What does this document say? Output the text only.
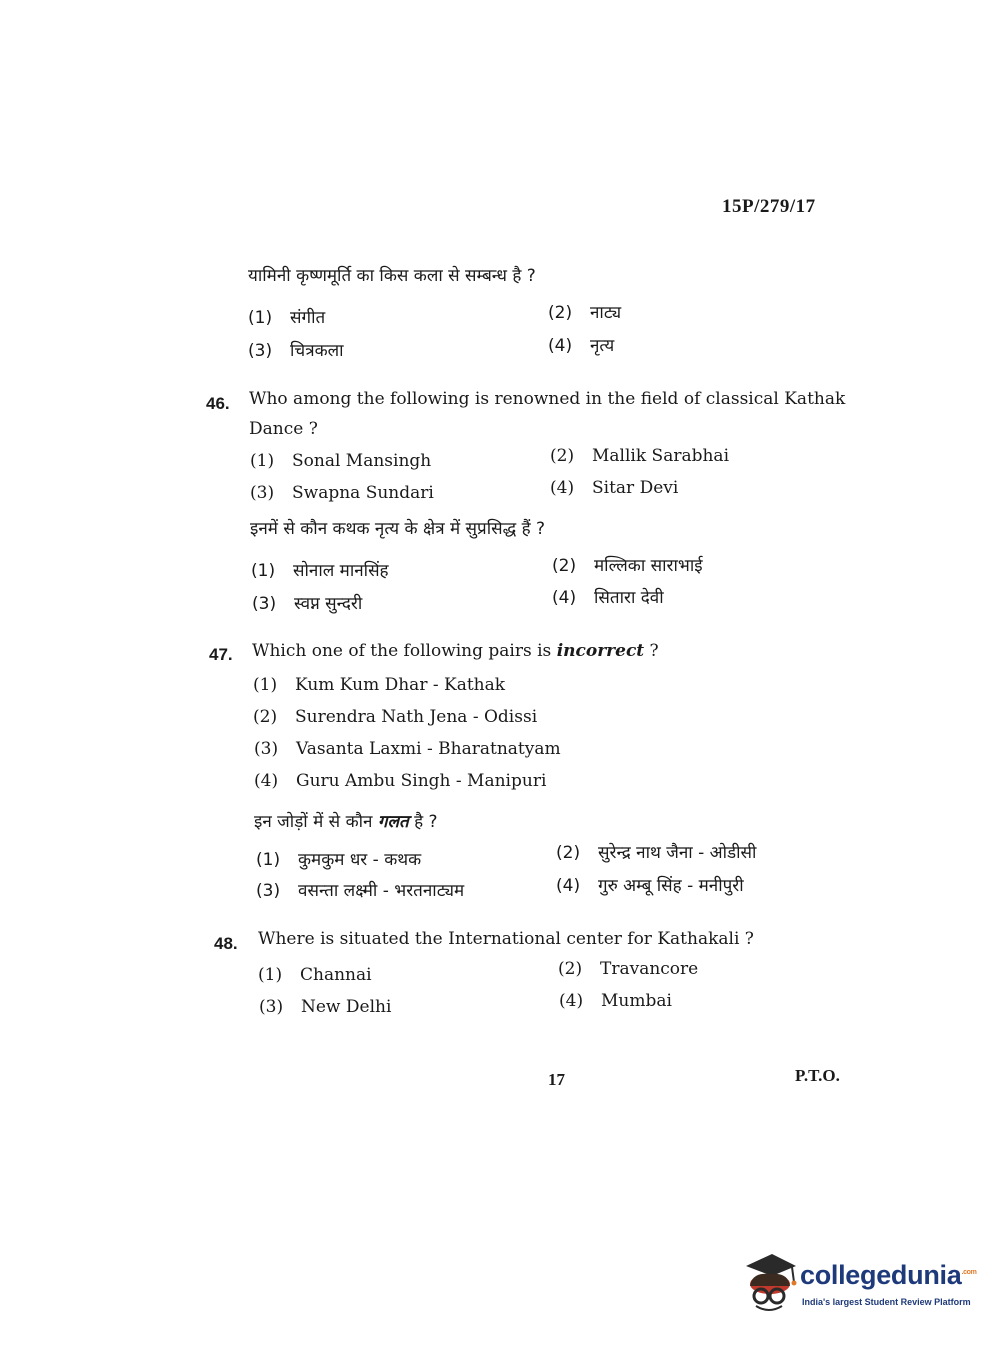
15P/279/17
यामिनी कृष्णमूर्ति का किस कला से सम्बन्ध है ?
(1) संगीत	(2) नाट्य
(3) चित्रकला	(4) नृत्य
46. Who among the following is renowned in the field of classical Kathak
Dance ?
(1) Sonal Mansingh	(2) Mallik Sarabhai
(3) Swapna Sundari	(4) Sitar Devi
इनमें से कौन कथक नृत्य के क्षेत्र में सुप्रसिद्ध हैं ?
(1) सोनाल मानसिंह	(2) मल्लिका साराभाई
(3) स्वप्न सुन्दरी	(4) सितारा देवी
47. Which one of the following pairs is incorrect ?
(1) Kum Kum Dhar - Kathak
(2) Surendra Nath Jena - Odissi
(3) Vasanta Laxmi - Bharatnatyam
(4) Guru Ambu Singh - Manipuri
इन जोड़ों में से कौन गलत है ?
(1) कुमकुम धर - कथक	(2) सुरेन्द्र नाथ जैना - ओडीसी
(3) वसन्ता लक्ष्मी - भरतनाट्यम	(4) गुरु अम्बू सिंह - मनीपुरी
48. Where is situated the International center for Kathakali ?
(1) Channai	(2) Travancore
(3) New Delhi	(4) Mumbai
17	P.T.O.
collegedunia$^{.com}$
India's largest Student Review Platform
